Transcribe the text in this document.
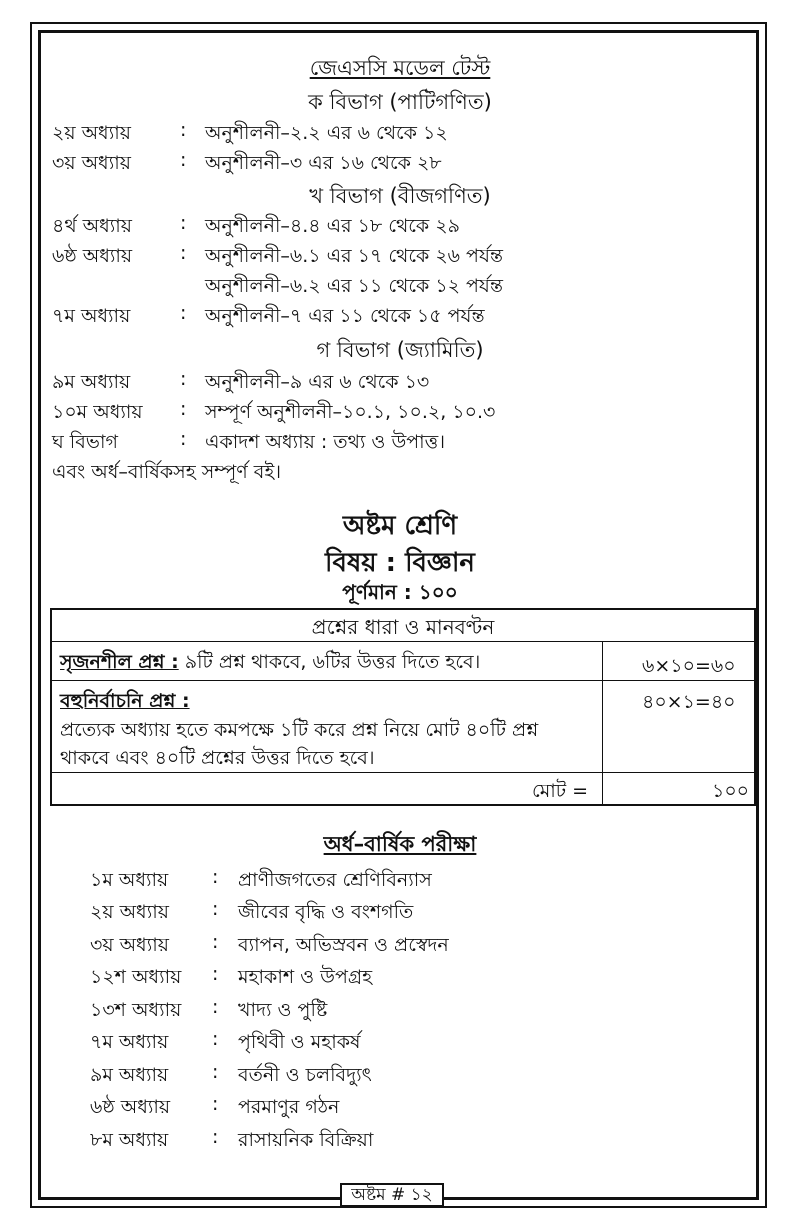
জেএসসি মডেল টেস্ট
ক বিভাগ (পাটিগণিত)
২য় অধ্যায়	: অনুশীলনী–২.২ এর ৬ থেকে ১২
৩য় অধ্যায়	: অনুশীলনী–৩ এর ১৬ থেকে ২৮
খ বিভাগ (বীজগণিত)
৪র্থ অধ্যায়	: অনুশীলনী–৪.৪ এর ১৮ থেকে ২৯
৬ষ্ঠ অধ্যায়	: অনুশীলনী–৬.১ এর ১৭ থেকে ২৬ পর্যন্ত
অনুশীলনী–৬.২ এর ১১ থেকে ১২ পর্যন্ত
৭ম অধ্যায়	: অনুশীলনী–৭ এর ১১ থেকে ১৫ পর্যন্ত
গ বিভাগ (জ্যামিতি)
৯ম অধ্যায়	: অনুশীলনী–৯ এর ৬ থেকে ১৩
১০ম অধ্যায় : সম্পূর্ণ অনুশীলনী–১০.১, ১০.২, ১০.৩
ঘ বিভাগ	: একাদশ অধ্যায় : তথ্য ও উপাত্ত।
এবং অর্ধ–বার্ষিকসহ সম্পূর্ণ বই।
অষ্টম শ্রেণি
বিষয় : বিজ্ঞান
পূর্ণমান : ১০০
প্রশ্নের ধারা ও মানবণ্টন
সৃজনশীল প্রশ্ন : ৯টি প্রশ্ন থাকবে, ৬টির উত্তর দিতে হবে।	৬×১০=৬০
বহুনির্বাচনি প্রশ্ন :	৪০×১=৪০
প্রত্যেক অধ্যায় হতে কমপক্ষে ১টি করে প্রশ্ন নিয়ে মোট ৪০টি প্রশ্ন
থাকবে এবং ৪০টি প্রশ্নের উত্তর দিতে হবে।
মোট =	১০০
অর্ধ–বার্ষিক পরীক্ষা
১ম অধ্যায় : প্রাণীজগতের শ্রেণিবিন্যাস
২য় অধ্যায় : জীবের বৃদ্ধি ও বংশগতি
৩য় অধ্যায় : ব্যাপন, অভিস্রবন ও প্রস্বেদন
১২শ অধ্যায় : মহাকাশ ও উপগ্রহ
১৩শ অধ্যায় : খাদ্য ও পুষ্টি
৭ম অধ্যায় : পৃথিবী ও মহাকর্ষ
৯ম অধ্যায় : বর্তনী ও চলবিদ্যুৎ
৬ষ্ঠ অধ্যায় : পরমাণুর গঠন
৮ম অধ্যায় : রাসায়নিক বিক্রিয়া
অষ্টম # ১২
